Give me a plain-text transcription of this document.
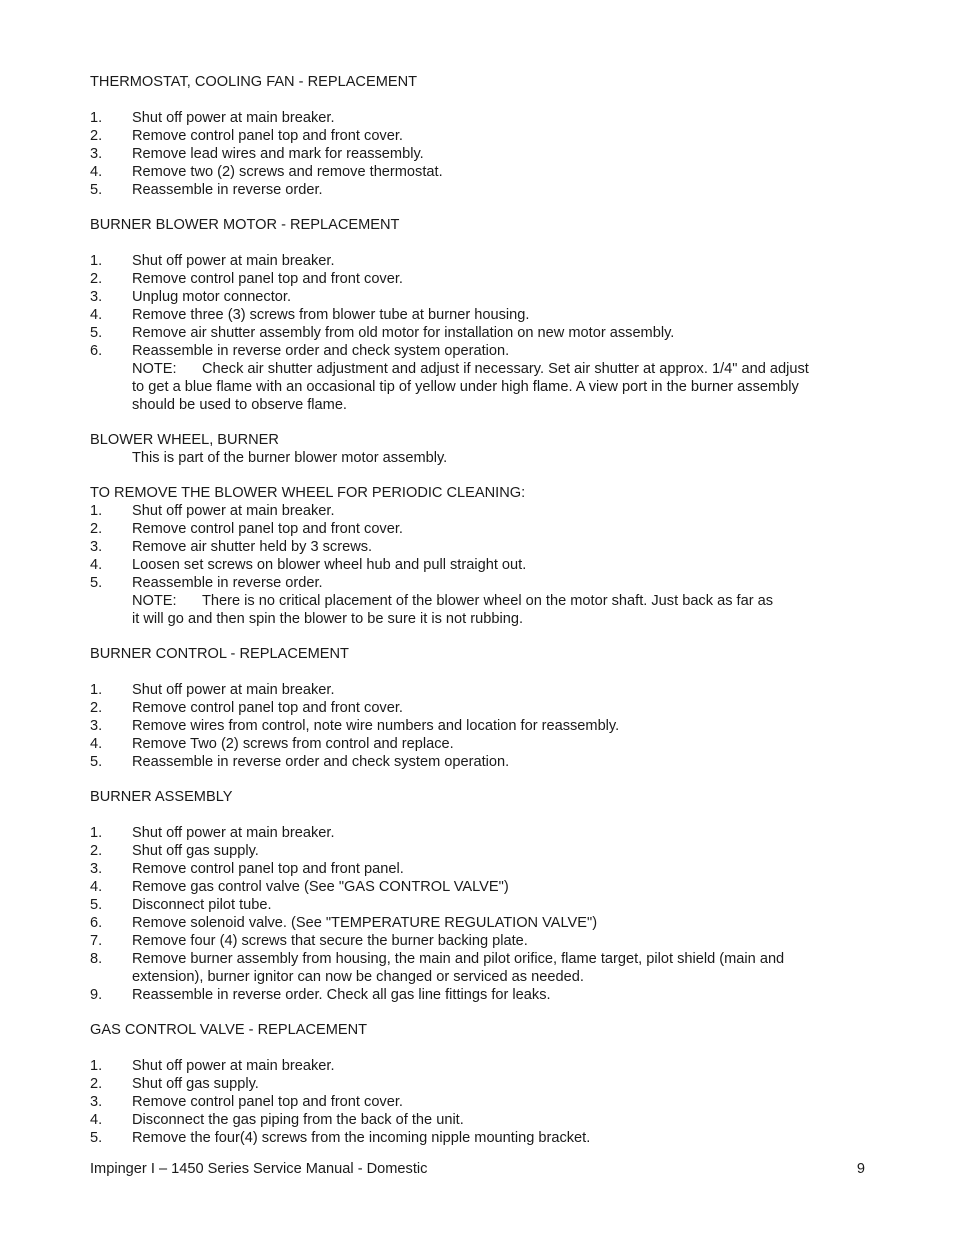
THERMOSTAT, COOLING FAN - REPLACEMENT
1. Shut off power at main breaker.
2. Remove control panel top and front cover.
3. Remove lead wires and mark for reassembly.
4. Remove two (2) screws and remove thermostat.
5. Reassemble in reverse order.
BURNER BLOWER MOTOR - REPLACEMENT
1. Shut off power at main breaker.
2. Remove control panel top and front cover.
3. Unplug motor connector.
4. Remove three (3) screws from blower tube at burner housing.
5. Remove air shutter assembly from old motor for installation on new motor assembly.
6. Reassemble in reverse order and check system operation.
NOTE: Check air shutter adjustment and adjust if necessary. Set air shutter at approx. 1/4" and adjust
to get a blue flame with an occasional tip of yellow under high flame. A view port in the burner assembly
should be used to observe flame.
BLOWER WHEEL, BURNER
This is part of the burner blower motor assembly.
TO REMOVE THE BLOWER WHEEL FOR PERIODIC CLEANING:
1. Shut off power at main breaker.
2. Remove control panel top and front cover.
3. Remove air shutter held by 3 screws.
4. Loosen set screws on blower wheel hub and pull straight out.
5. Reassemble in reverse order.
NOTE: There is no critical placement of the blower wheel on the motor shaft. Just back as far as
it will go and then spin the blower to be sure it is not rubbing.
BURNER CONTROL - REPLACEMENT
1. Shut off power at main breaker.
2. Remove control panel top and front cover.
3. Remove wires from control, note wire numbers and location for reassembly.
4. Remove Two (2) screws from control and replace.
5. Reassemble in reverse order and check system operation.
BURNER ASSEMBLY
1. Shut off power at main breaker.
2. Shut off gas supply.
3. Remove control panel top and front panel.
4. Remove gas control valve (See "GAS CONTROL VALVE")
5. Disconnect pilot tube.
6. Remove solenoid valve. (See "TEMPERATURE REGULATION VALVE")
7. Remove four (4) screws that secure the burner backing plate.
8. Remove burner assembly from housing, the main and pilot orifice, flame target, pilot shield (main and
extension), burner ignitor can now be changed or serviced as needed.
9. Reassemble in reverse order. Check all gas line fittings for leaks.
GAS CONTROL VALVE - REPLACEMENT
1. Shut off power at main breaker.
2. Shut off gas supply.
3. Remove control panel top and front cover.
4. Disconnect the gas piping from the back of the unit.
5. Remove the four(4) screws from the incoming nipple mounting bracket.
Impinger I – 1450 Series Service Manual - Domestic	9
